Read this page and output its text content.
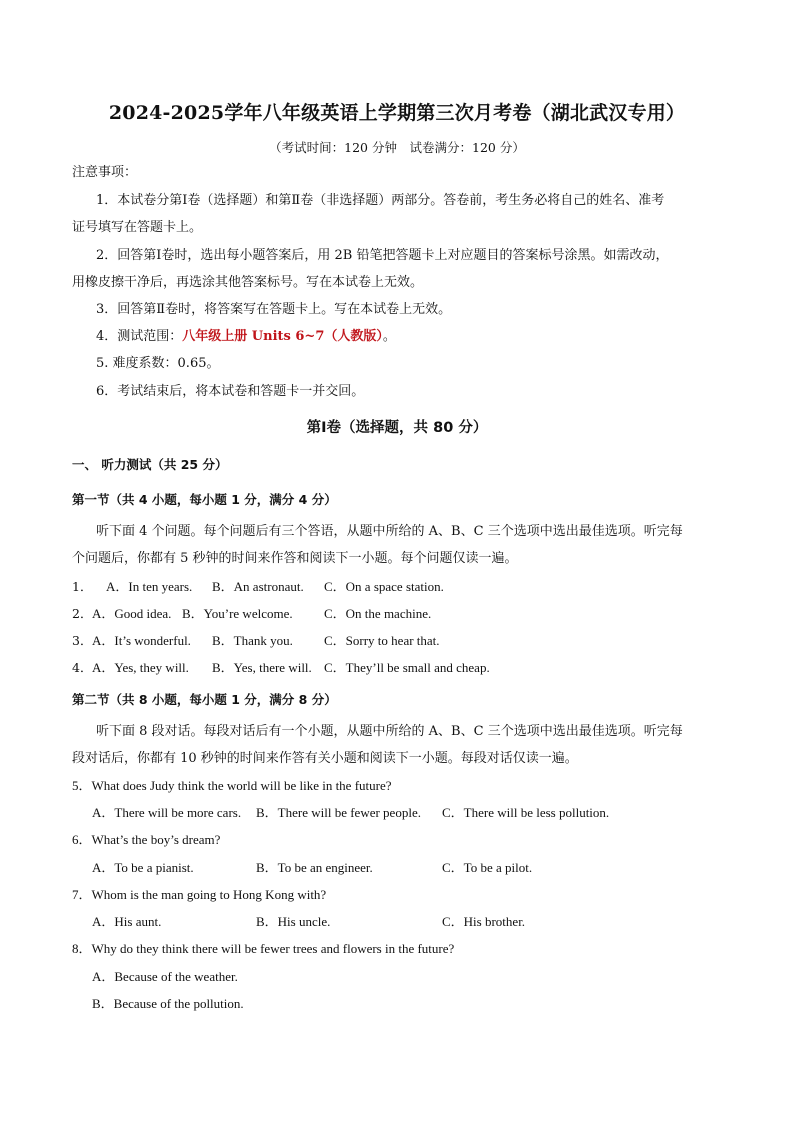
2024-2025学年八年级英语上学期第三次月考卷（湖北武汉专用）
（考试时间：120 分钟　试卷满分：120 分）
注意事项：
1．本试卷分第Ⅰ卷（选择题）和第Ⅱ卷（非选择题）两部分。答卷前，考生务必将自己的姓名、准考
证号填写在答题卡上。
2．回答第Ⅰ卷时，选出每小题答案后，用 2B 铅笔把答题卡上对应题目的答案标号涂黑。如需改动，
用橡皮擦干净后，再选涂其他答案标号。写在本试卷上无效。
3．回答第Ⅱ卷时，将答案写在答题卡上。写在本试卷上无效。
4．测试范围：八年级上册 Units 6~7（人教版）。
5. 难度系数：0.65。
6．考试结束后，将本试卷和答题卡一并交回。
第Ⅰ卷（选择题，共 80 分）
一、 听力测试（共 25 分）
第一节（共 4 小题，每小题 1 分，满分 4 分）
听下面 4 个问题。每个问题后有三个答语，从题中所给的 A、B、C 三个选项中选出最佳选项。听完每
个问题后，你都有 5 秒钟的时间来作答和阅读下一小题。每个问题仅读一遍。
1． A．In ten years. B．An astronaut. C．On a space station.
2． A．Good idea. B．You’re welcome. C．On the machine.
3． A．It’s wonderful. B．Thank you. C．Sorry to hear that.
4． A．Yes, they will. B．Yes, there will. C．They’ll be small and cheap.
第二节（共 8 小题，每小题 1 分，满分 8 分）
听下面 8 段对话。每段对话后有一个小题，从题中所给的 A、B、C 三个选项中选出最佳选项。听完每
段对话后，你都有 10 秒钟的时间来作答有关小题和阅读下一小题。每段对话仅读一遍。
5．What does Judy think the world will be like in the future?
A．There will be more cars. B．There will be fewer people. C．There will be less pollution.
6．What’s the boy’s dream?
A．To be a pianist.	B．To be an engineer.	C．To be a pilot.
7．Whom is the man going to Hong Kong with?
A．His aunt.	B．His uncle.	C．His brother.
8．Why do they think there will be fewer trees and flowers in the future?
A．Because of the weather.
B．Because of the pollution.
